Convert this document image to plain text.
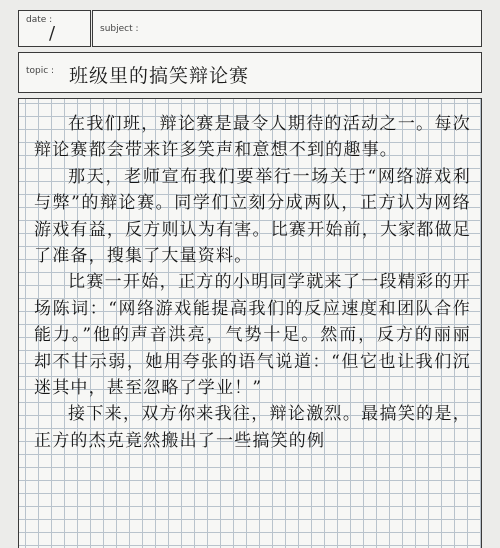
date :
/	subject :
topic : 班级里的搞笑辩论赛

在我们班，辩论赛是最令人期待的活动之一。每次辩论赛都会带来许多笑声和意想不到的趣事。

那天，老师宣布我们要举行一场关于“网络游戏利与弊”的辩论赛。同学们立刻分成两队，正方认为网络游戏有益，反方则认为有害。比赛开始前，大家都做足了准备，搜集了大量资料。

比赛一开始，正方的小明同学就来了一段精彩的开场陈词：“网络游戏能提高我们的反应速度和团队合作能力。”他的声音洪亮，气势十足。然而，反方的丽丽却不甘示弱，她用夸张的语气说道：“但它也让我们沉迷其中，甚至忽略了学业！”

接下来，双方你来我往，辩论激烈。最搞笑的是，正方的杰克竟然搬出了一些搞笑的例
